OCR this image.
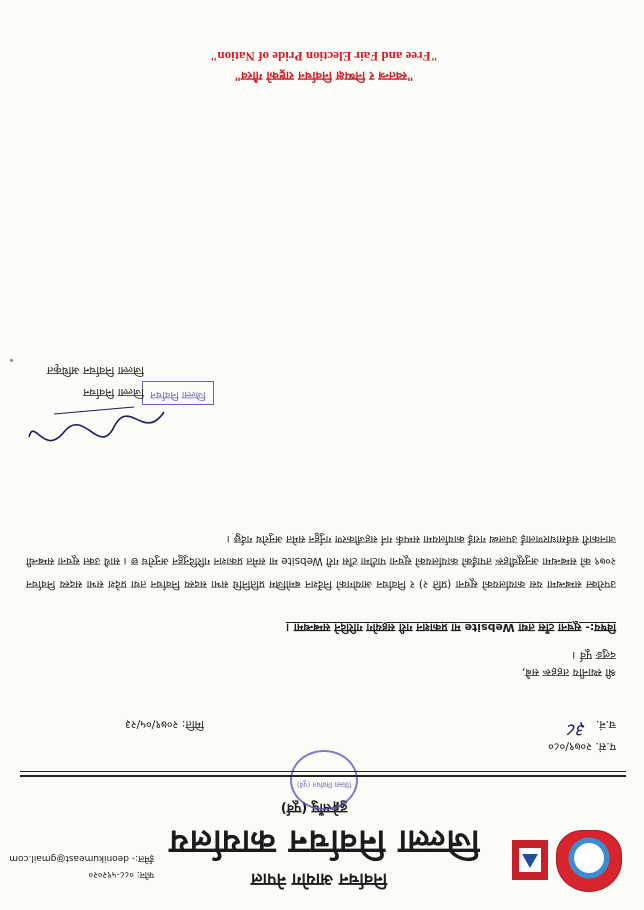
निर्वाचन आयोग नेपाल
जिल्ला निर्वाचन कार्यालय
ढुङ्गेसाँघु (पूर्व)
फोन: ०८८-५९२०२०
ईमेल:- deonikumeast@gmail.com
जिल्ला निर्वाचन (पूर्व)
प.सं. २०७९/०८०
च.नं.
३८
मिति: २०७९/०५/२३
श्री स्थानीय तहहरू सबै,
दलुङ पूर्व ।
विषय:- सूचना टाँस तथा Website मा प्रकाशन गरी सहयोग गरिदिने सम्बन्धमा ।
उपरोक्त सम्बन्धमा यस कार्यालयको सूचना (प्रति २) र निर्वाचन आयोगको निर्देशन बमोजिम प्रतिनिधि सभा सदस्य निर्वाचन तथा प्रदेश सभा सदस्य निर्वाचन २०७९ को सम्बन्धमा अनुसूचीहरू तपाईंको कार्यालयको सूचना पाटीमा टाँस गरी Website मा समेत प्रकाशन गरिदिनुहुन अनुरोध छ । साथै उक्त सूचना सम्बन्धी जानकारी सर्वसाधारणलाई उपलब्ध गराई कार्यालयमा सम्पर्क गर्न सहजीकरण गर्नुहुन समेत अनुरोध गर्दछु ।
जिल्ला निर्वाचन
जिल्ला निर्वाचन
जिल्ला निर्वाचन अधिकृत
"स्वतन्त्र र निष्पक्ष निर्वाचन राष्ट्रको गौरव"
"Free and Fair Election Pride of Nation"
